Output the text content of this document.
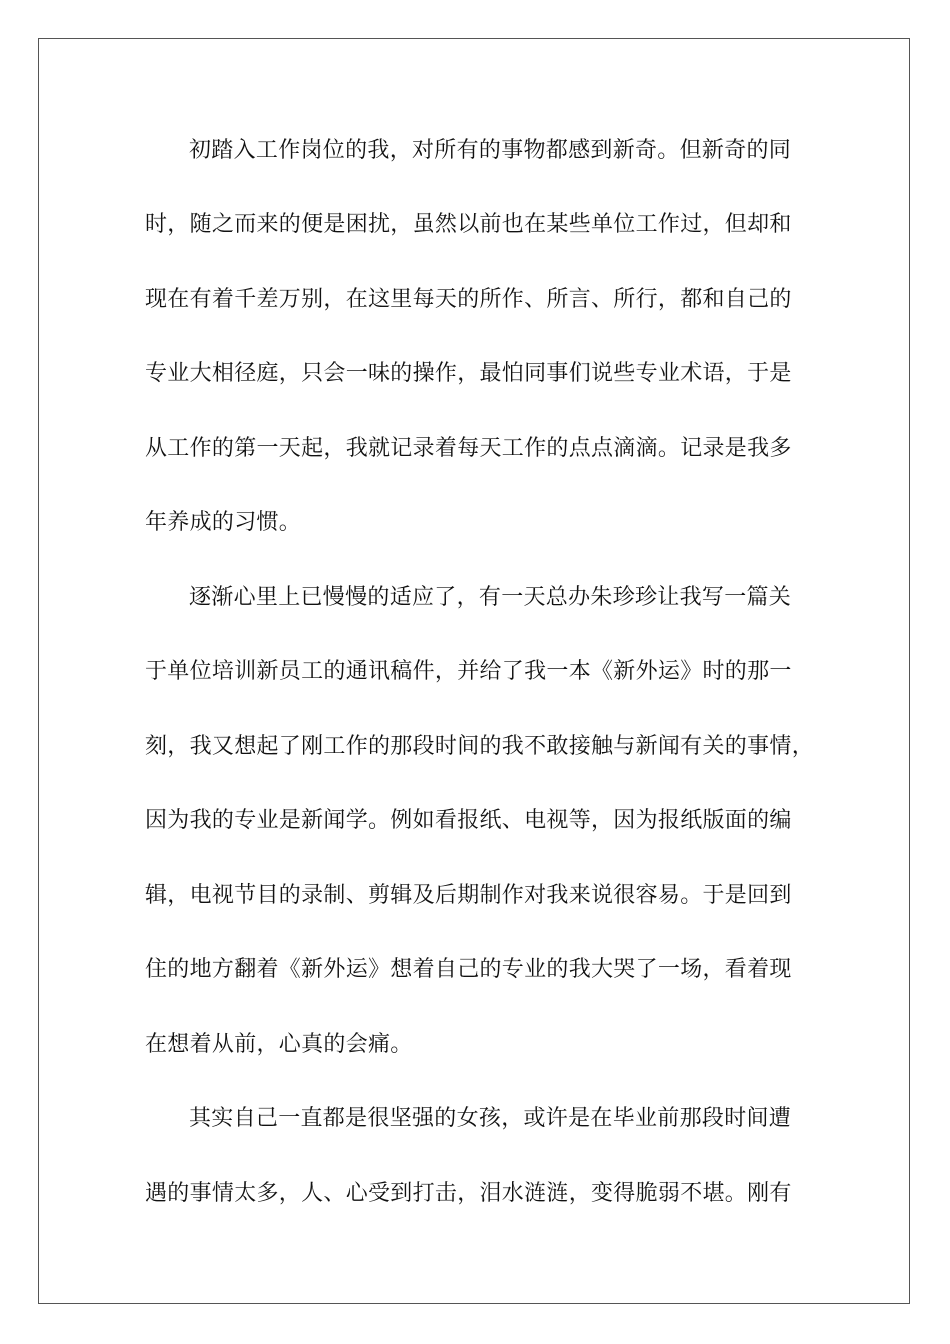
初踏入工作岗位的我，对所有的事物都感到新奇。但新奇的同

时，随之而来的便是困扰，虽然以前也在某些单位工作过，但却和

现在有着千差万别，在这里每天的所作、所言、所行，都和自己的

专业大相径庭，只会一味的操作，最怕同事们说些专业术语，于是

从工作的第一天起，我就记录着每天工作的点点滴滴。记录是我多

年养成的习惯。

逐渐心里上已慢慢的适应了，有一天总办朱珍珍让我写一篇关

于单位培训新员工的通讯稿件，并给了我一本《新外运》时的那一

刻，我又想起了刚工作的那段时间的我不敢接触与新闻有关的事情，

因为我的专业是新闻学。例如看报纸、电视等，因为报纸版面的编

辑，电视节目的录制、剪辑及后期制作对我来说很容易。于是回到

住的地方翻着《新外运》想着自己的专业的我大哭了一场，看着现

在想着从前，心真的会痛。

其实自己一直都是很坚强的女孩，或许是在毕业前那段时间遭

遇的事情太多，人、心受到打击，泪水涟涟，变得脆弱不堪。刚有
